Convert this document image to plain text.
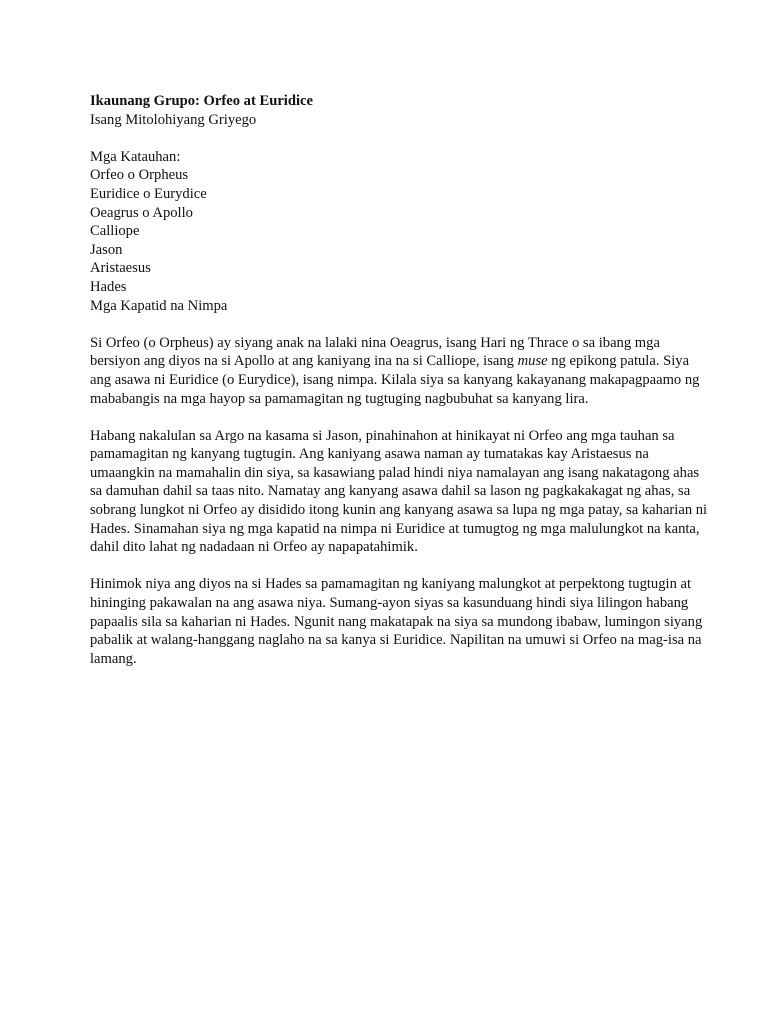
Ikaunang Grupo: Orfeo at Euridice
Isang Mitolohiyang Griyego
Mga Katauhan:
Orfeo o Orpheus
Euridice o Eurydice
Oeagrus o Apollo
Calliope
Jason
Aristaesus
Hades
Mga Kapatid na Nimpa
Si Orfeo (o Orpheus) ay siyang anak na lalaki nina Oeagrus, isang Hari ng Thrace o sa ibang mga
bersiyon ang diyos na si Apollo at ang kaniyang ina na si Calliope, isang muse ng epikong patula. Siya
ang asawa ni Euridice (o Eurydice), isang nimpa. Kilala siya sa kanyang kakayanang makapagpaamo ng
mababangis na mga hayop sa pamamagitan ng tugtuging nagbubuhat sa kanyang lira.
Habang nakalulan sa Argo na kasama si Jason, pinahinahon at hinikayat ni Orfeo ang mga tauhan sa
pamamagitan ng kanyang tugtugin. Ang kaniyang asawa naman ay tumatakas kay Aristaesus na
umaangkin na mamahalin din siya, sa kasawiang palad hindi niya namalayan ang isang nakatagong ahas
sa damuhan dahil sa taas nito. Namatay ang kanyang asawa dahil sa lason ng pagkakakagat ng ahas, sa
sobrang lungkot ni Orfeo ay disidido itong kunin ang kanyang asawa sa lupa ng mga patay, sa kaharian ni
Hades. Sinamahan siya ng mga kapatid na nimpa ni Euridice at tumugtog ng mga malulungkot na kanta,
dahil dito lahat ng nadadaan ni Orfeo ay napapatahimik.
Hinimok niya ang diyos na si Hades sa pamamagitan ng kaniyang malungkot at perpektong tugtugin at
hininging pakawalan na ang asawa niya. Sumang-ayon siyas sa kasunduang hindi siya lilingon habang
papaalis sila sa kaharian ni Hades. Ngunit nang makatapak na siya sa mundong ibabaw, lumingon siyang
pabalik at walang-hanggang naglaho na sa kanya si Euridice. Napilitan na umuwi si Orfeo na mag-isa na
lamang.
